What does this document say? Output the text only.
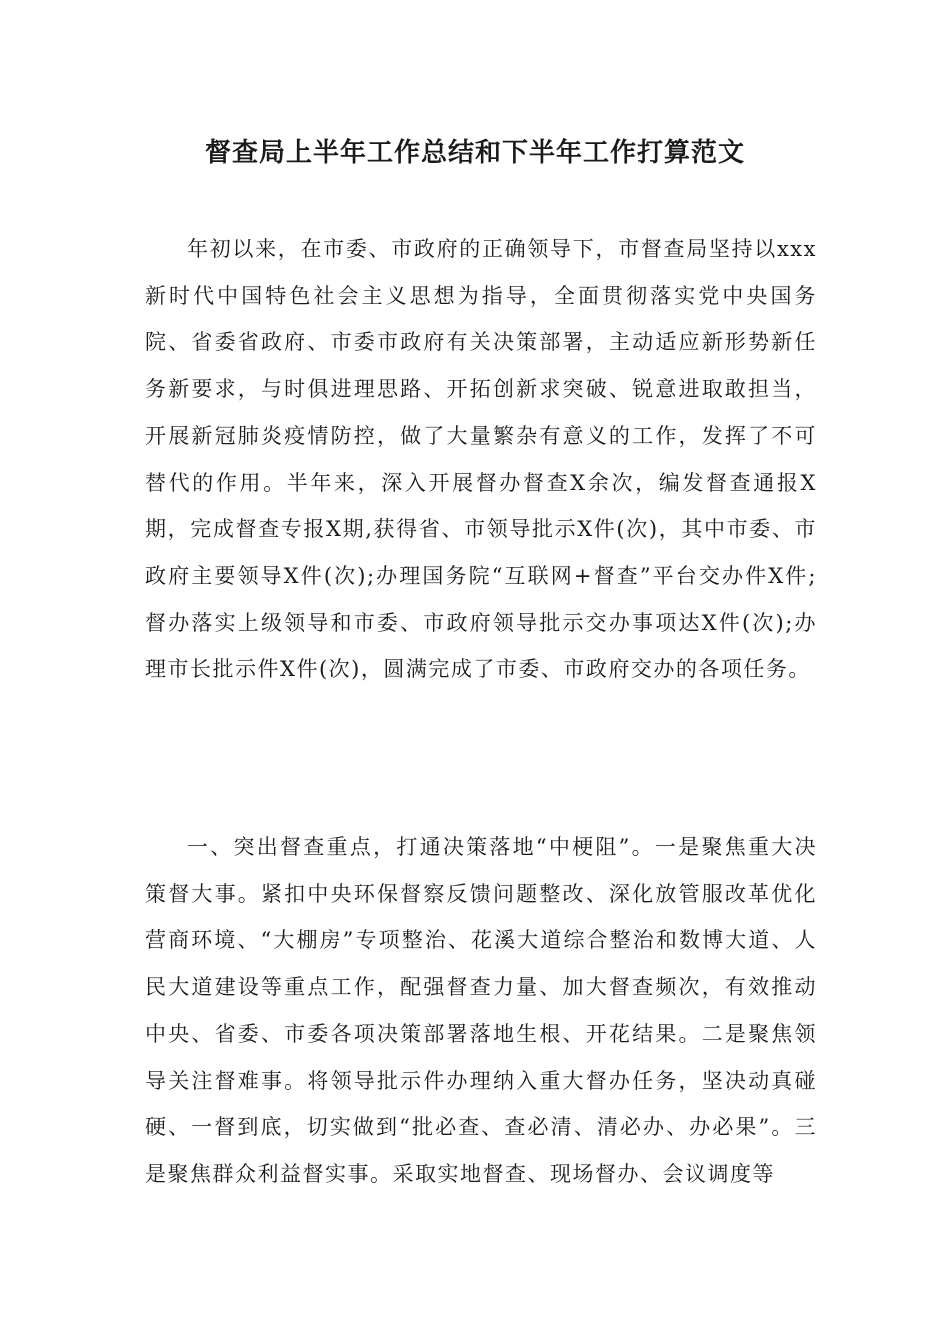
督查局上半年工作总结和下半年工作打算范文

年初以来，在市委、市政府的正确领导下，市督查局坚持以xxx新时代中国特色社会主义思想为指导，全面贯彻落实党中央国务院、省委省政府、市委市政府有关决策部署，主动适应新形势新任务新要求，与时俱进理思路、开拓创新求突破、锐意进取敢担当，开展新冠肺炎疫情防控，做了大量繁杂有意义的工作，发挥了不可替代的作用。半年来，深入开展督办督查X余次，编发督查通报X期，完成督查专报X期,获得省、市领导批示X件(次)，其中市委、市政府主要领导X件(次);办理国务院“互联网+督查”平台交办件X件;督办落实上级领导和市委、市政府领导批示交办事项达X件(次);办理市长批示件X件(次)，圆满完成了市委、市政府交办的各项任务。

一、突出督查重点，打通决策落地“中梗阻”。一是聚焦重大决策督大事。紧扣中央环保督察反馈问题整改、深化放管服改革优化营商环境、“大棚房”专项整治、花溪大道综合整治和数博大道、人民大道建设等重点工作，配强督查力量、加大督查频次，有效推动中央、省委、市委各项决策部署落地生根、开花结果。二是聚焦领导关注督难事。将领导批示件办理纳入重大督办任务，坚决动真碰硬、一督到底，切实做到“批必查、查必清、清必办、办必果”。三是聚焦群众利益督实事。采取实地督查、现场督办、会议调度等
